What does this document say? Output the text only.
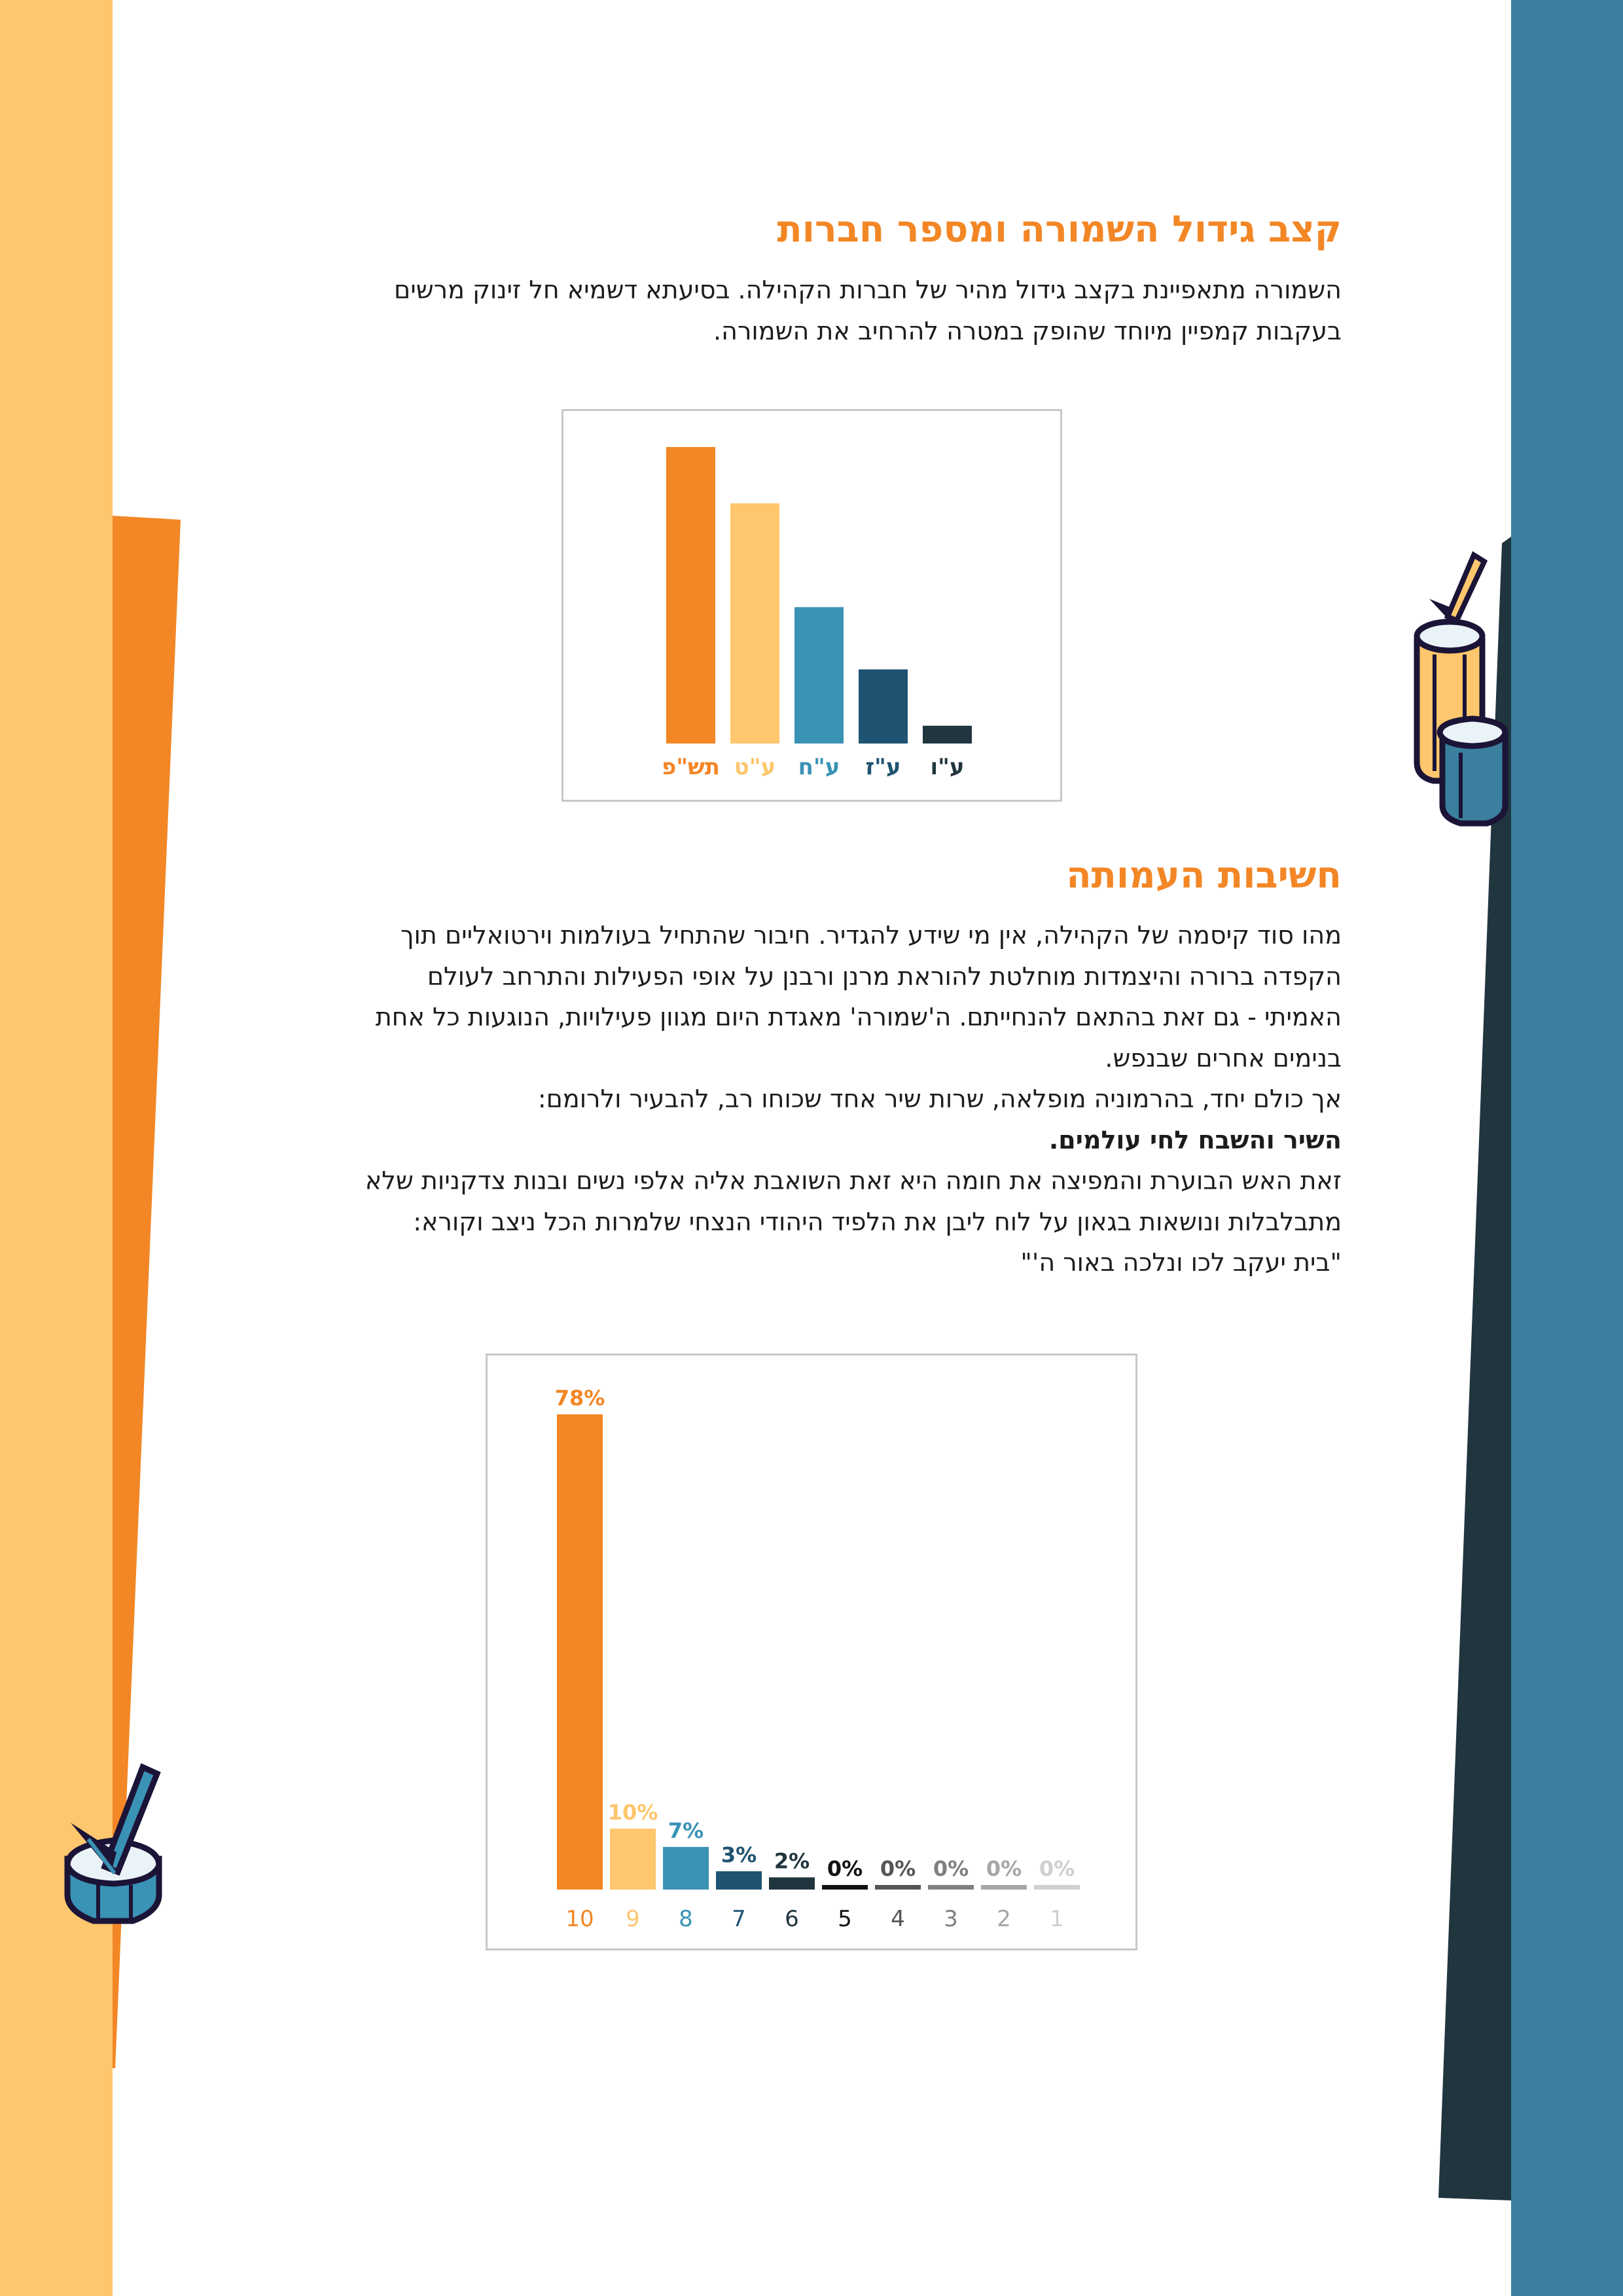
קצב גידול השמורה ומספר חברות

השמורה מתאפיינת בקצב גידול מהיר של חברות הקהילה. בסיעתא דשמיא חל זינוק מרשים

בעקבות קמפיין מיוחד שהופק במטרה להרחיב את השמורה.

תש"פ ע"ט ע"ח ע"ז ע"ו
חשיבות העמותה

מהו סוד קיסמה של הקהילה, אין מי שידע להגדיר. חיבור שהתחיל בעולמות וירטואליים תוך

הקפדה ברורה והיצמדות מוחלטת להוראת מרנן ורבנן על אופי הפעילות והתרחב לעולם

האמיתי - גם זאת בהתאם להנחייתם. ה'שמורה' מאגדת היום מגוון פעילויות, הנוגעות כל אחת

בנימים אחרים שבנפש.

אך כולם יחד, בהרמוניה מופלאה, שרות שיר אחד שכוחו רב, להבעיר ולרומם:

השיר והשבח לחי עולמים.

זאת האש הבוערת והמפיצה את חומה היא זאת השואבת אליה אלפי נשים ובנות צדקניות שלא

מתבלבלות ונושאות בגאון על לוח ליבן את הלפיד היהודי הנצחי שלמרות הכל ניצב וקורא:

"בית יעקב לכו ונלכה באור ה'"

78%
10
10%
9
7%
8
3%
7
2%
6
0%
5
0%
4
0%
3
0%
2
0%
1
